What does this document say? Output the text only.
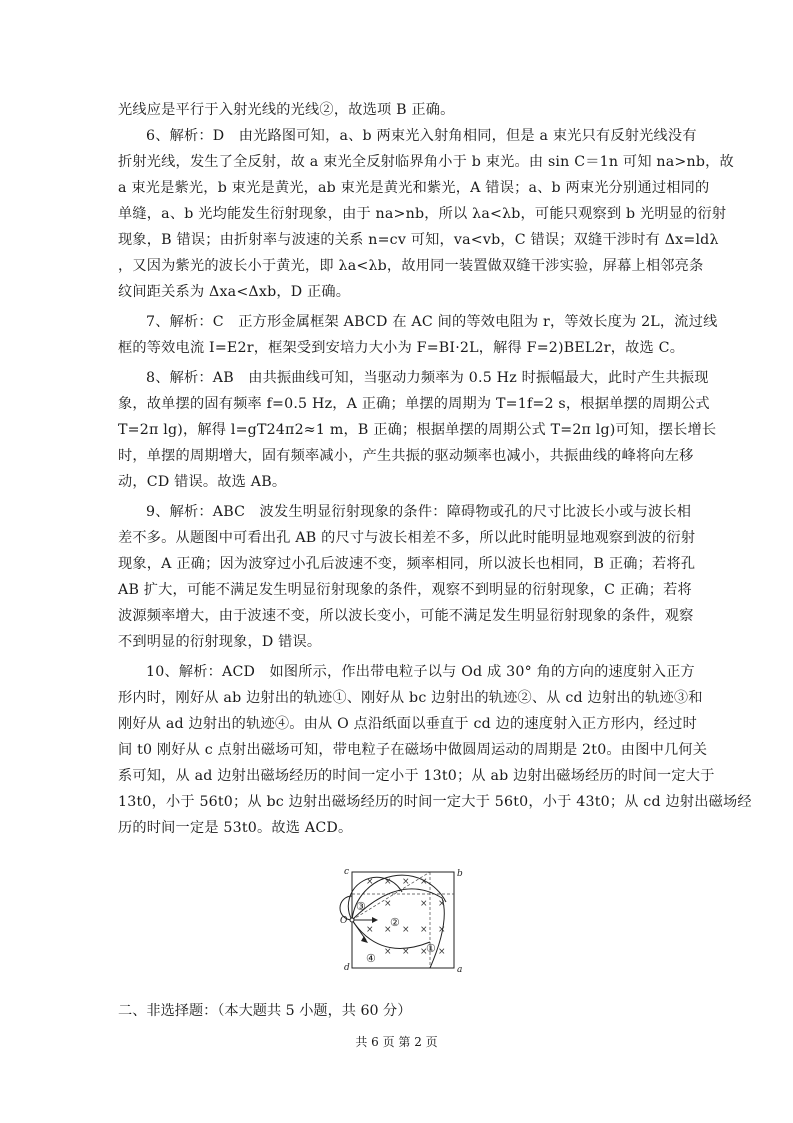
光线应是平行于入射光线的光线②，故选项 B 正确。
6、解析：D　由光路图可知，a、b 两束光入射角相同，但是 a 束光只有反射光线没有
折射光线，发生了全反射，故 a 束光全反射临界角小于 b 束光。由 sin C＝1n 可知 na>nb，故
a 束光是紫光，b 束光是黄光，ab 束光是黄光和紫光，A 错误；a、b 两束光分别通过相同的
单缝，a、b 光均能发生衍射现象，由于 na>nb，所以 λa<λb，可能只观察到 b 光明显的衍射
现象，B 错误；由折射率与波速的关系 n=cv 可知，va<vb，C 错误；双缝干涉时有 Δx=ldλ
，又因为紫光的波长小于黄光，即 λa<λb，故用同一装置做双缝干涉实验，屏幕上相邻亮条
纹间距关系为 Δxa<Δxb，D 正确。
7、解析：C　正方形金属框架 ABCD 在 AC 间的等效电阻为 r，等效长度为 2L，流过线
框的等效电流 I=E2r，框架受到安培力大小为 F=BI·2L，解得 F=2)BEL2r，故选 C。
8、解析：AB　由共振曲线可知，当驱动力频率为 0.5 Hz 时振幅最大，此时产生共振现
象，故单摆的固有频率 f=0.5 Hz，A 正确；单摆的周期为 T=1f=2 s，根据单摆的周期公式
T=2π lg)，解得 l=gT24π2≈1 m，B 正确；根据单摆的周期公式 T=2π lg)可知，摆长增长
时，单摆的周期增大，固有频率减小，产生共振的驱动频率也减小，共振曲线的峰将向左移
动，CD 错误。故选 AB。
9、解析：ABC　波发生明显衍射现象的条件：障碍物或孔的尺寸比波长小或与波长相
差不多。从题图中可看出孔 AB 的尺寸与波长相差不多，所以此时能明显地观察到波的衍射
现象，A 正确；因为波穿过小孔后波速不变，频率相同，所以波长也相同，B 正确；若将孔
AB 扩大，可能不满足发生明显衍射现象的条件，观察不到明显的衍射现象，C 正确；若将
波源频率增大，由于波速不变，所以波长变小，可能不满足发生明显衍射现象的条件，观察
不到明显的衍射现象，D 错误。
10、解析：ACD　如图所示，作出带电粒子以与 Od 成 30° 角的方向的速度射入正方
形内时，刚好从 ab 边射出的轨迹①、刚好从 bc 边射出的轨迹②、从 cd 边射出的轨迹③和
刚好从 ad 边射出的轨迹④。由从 O 点沿纸面以垂直于 cd 边的速度射入正方形内，经过时
间 t0 刚好从 c 点射出磁场可知，带电粒子在磁场中做圆周运动的周期是 2t0。由图中几何关
系可知，从 ad 边射出磁场经历的时间一定小于 13t0；从 ab 边射出磁场经历的时间一定大于
13t0，小于 56t0；从 bc 边射出磁场经历的时间一定大于 56t0，小于 43t0；从 cd 边射出磁场经
历的时间一定是 53t0。故选 ACD。
× × × ×
×	× ×
× × × × ×
× × × ×
c	b
d	a
O
③
②
①
④
二、非选择题：（本大题共 5 小题，共 60 分）
共 6 页 第 2 页
